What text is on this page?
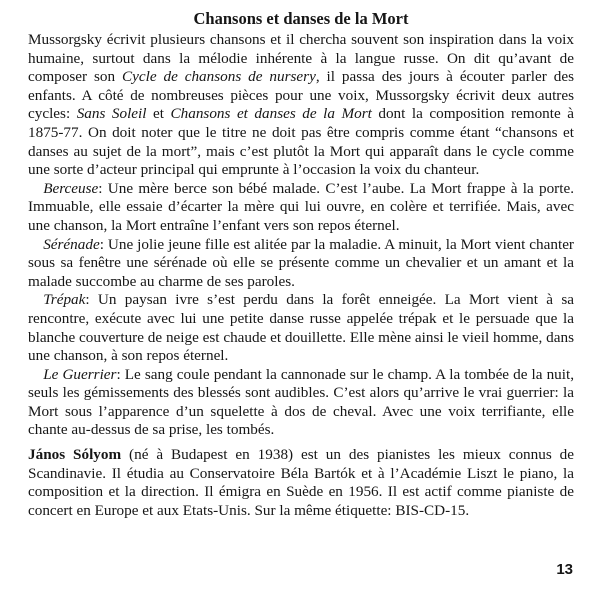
Chansons et danses de la Mort

Mussorgsky écrivit plusieurs chansons et il chercha souvent son inspiration dans la voix humaine, surtout dans la mélodie inhérente à la langue russe. On dit qu’avant de composer son Cycle de chansons de nursery, il passa des jours à écouter parler des enfants. A côté de nombreuses pièces pour une voix, Mussorgsky écrivit deux autres cycles: Sans Soleil et Chansons et danses de la Mort dont la composition remonte à 1875-77. On doit noter que le titre ne doit pas être compris comme étant “chansons et danses au sujet de la mort”, mais c’est plutôt la Mort qui apparaît dans le cycle comme une sorte d’acteur principal qui emprunte à l’occasion la voix du chanteur.

Berceuse: Une mère berce son bébé malade. C’est l’aube. La Mort frappe à la porte. Immuable, elle essaie d’écarter la mère qui lui ouvre, en colère et terrifiée. Mais, avec une chanson, la Mort entraîne l’enfant vers son repos éternel.

Sérénade: Une jolie jeune fille est alitée par la maladie. A minuit, la Mort vient chanter sous sa fenêtre une sérénade où elle se présente comme un chevalier et un amant et la malade succombe au charme de ses paroles.

Trépak: Un paysan ivre s’est perdu dans la forêt enneigée. La Mort vient à sa rencontre, exécute avec lui une petite danse russe appelée trépak et le persuade que la blanche couverture de neige est chaude et douillette. Elle mène ainsi le vieil homme, dans une chanson, à son repos éternel.

Le Guerrier: Le sang coule pendant la cannonade sur le champ. A la tombée de la nuit, seuls les gémissements des blessés sont audibles. C’est alors qu’arrive le vrai guerrier: la Mort sous l’apparence d’un squelette à dos de cheval. Avec une voix terrifiante, elle chante au-dessus de sa prise, les tombés.

János Sólyom (né à Budapest en 1938) est un des pianistes les mieux connus de Scandinavie. Il étudia au Conservatoire Béla Bartók et à l’Académie Liszt le piano, la composition et la direction. Il émigra en Suède en 1956. Il est actif comme pianiste de concert en Europe et aux Etats-Unis. Sur la même étiquette: BIS-CD-15.

13
